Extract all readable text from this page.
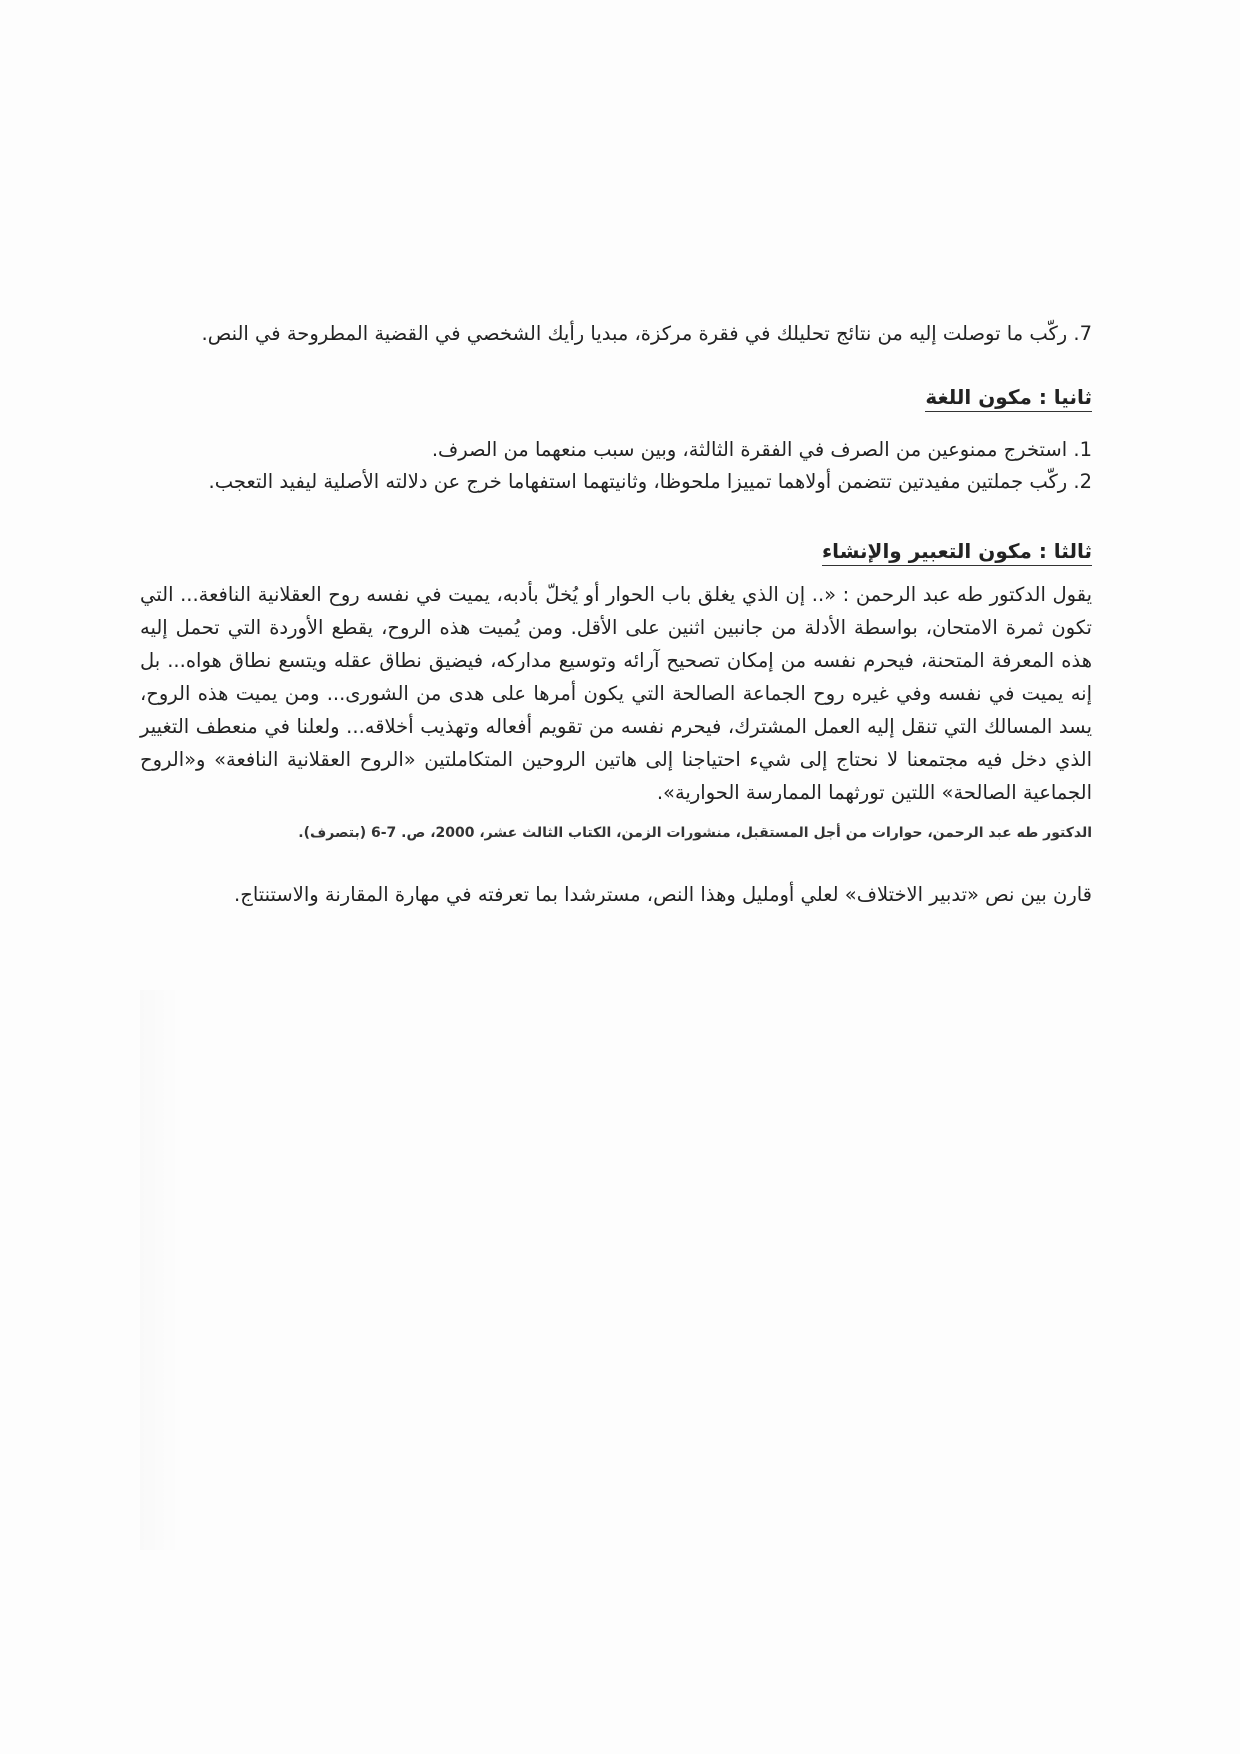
7. ركّب ما توصلت إليه من نتائج تحليلك في فقرة مركزة، مبديا رأيك الشخصي في القضية المطروحة في النص.

ثانيا : مكون اللغة

1. استخرج ممنوعين من الصرف في الفقرة الثالثة، وبين سبب منعهما من الصرف.

2. ركّب جملتين مفيدتين تتضمن أولاهما تمييزا ملحوظا، وثانيتهما استفهاما خرج عن دلالته الأصلية ليفيد التعجب.

ثالثا : مكون التعبير والإنشاء

يقول الدكتور طه عبد الرحمن : «.. إن الذي يغلق باب الحوار أو يُخلّ بأدبه، يميت في نفسه روح العقلانية النافعة... التي تكون ثمرة الامتحان، بواسطة الأدلة من جانبين اثنين على الأقل. ومن يُميت هذه الروح، يقطع الأوردة التي تحمل إليه هذه المعرفة المتحنة، فيحرم نفسه من إمكان تصحيح آرائه وتوسيع مداركه، فيضيق نطاق عقله ويتسع نطاق هواه... بل إنه يميت في نفسه وفي غيره روح الجماعة الصالحة التي يكون أمرها على هدى من الشورى... ومن يميت هذه الروح، يسد المسالك التي تنقل إليه العمل المشترك، فيحرم نفسه من تقويم أفعاله وتهذيب أخلاقه... ولعلنا في منعطف التغيير الذي دخل فيه مجتمعنا لا نحتاج إلى شيء احتياجنا إلى هاتين الروحين المتكاملتين «الروح العقلانية النافعة» و«الروح الجماعية الصالحة» اللتين تورثهما الممارسة الحوارية».

الدكتور طه عبد الرحمن، حوارات من أجل المستقبل، منشورات الزمن، الكتاب الثالث عشر، 2000، ص. 7-6 (بتصرف).

قارن بين نص «تدبير الاختلاف» لعلي أومليل وهذا النص، مسترشدا بما تعرفته في مهارة المقارنة والاستنتاج.
